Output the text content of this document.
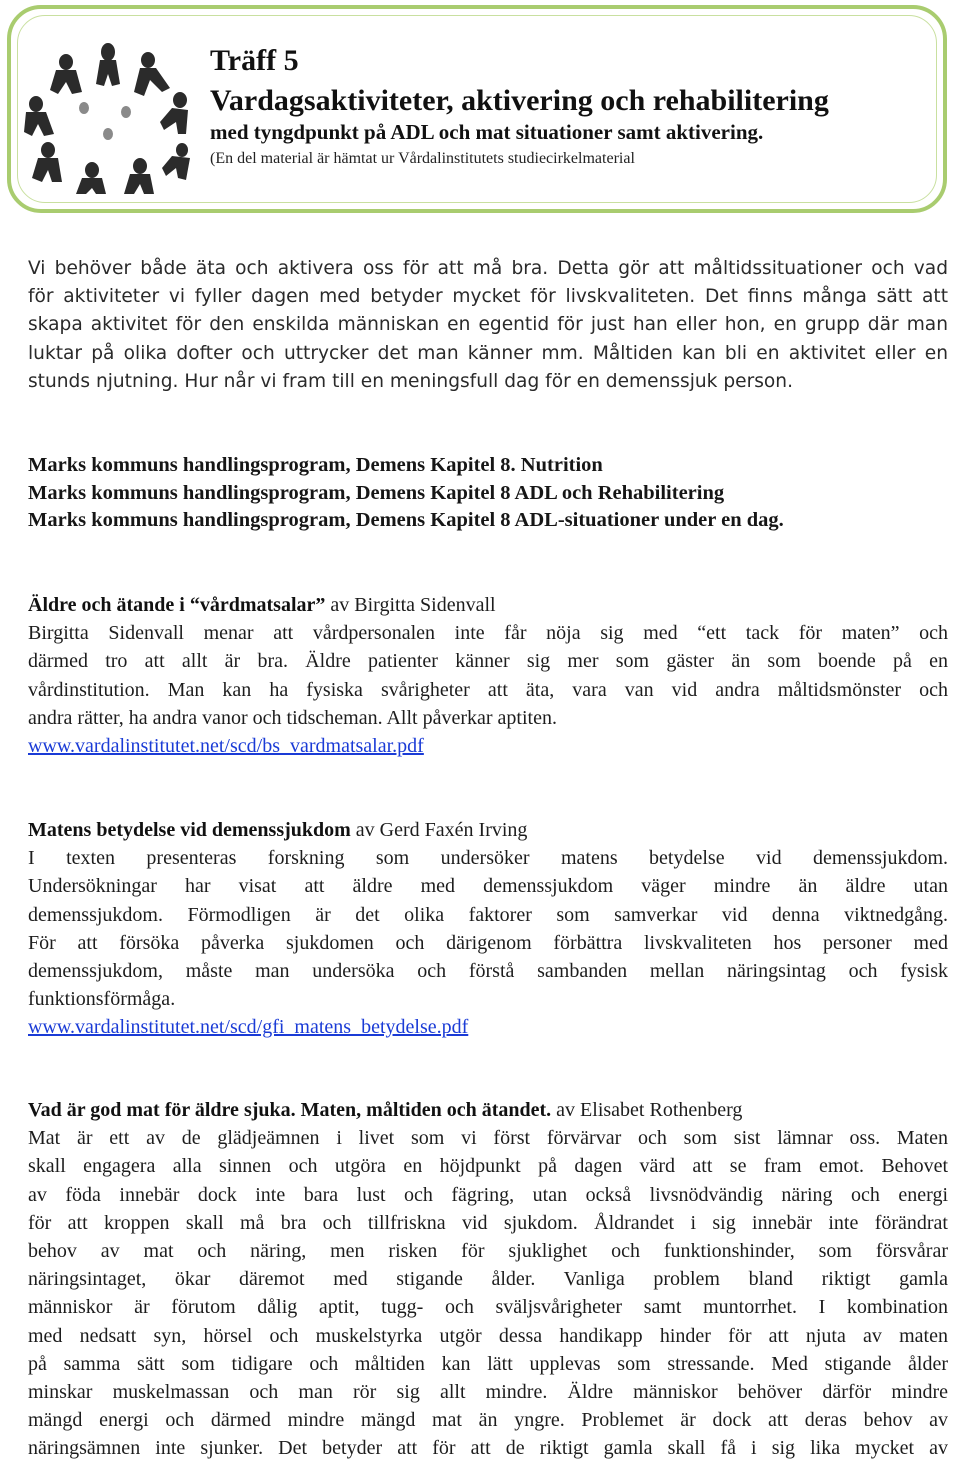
Träff 5
Vardagsaktiviteter, aktivering och rehabilitering
med tyngdpunkt på ADL och mat situationer samt aktivering.
(En del material är hämtat ur Vårdalinstitutets studiecirkelmaterial
Vi behöver både äta och aktivera oss för att må bra. Detta gör att måltidssituationer och vad
för aktiviteter vi fyller dagen med betyder mycket för livskvaliteten. Det finns många sätt att
skapa aktivitet för den enskilda människan en egentid för just han eller hon, en grupp där man
luktar på olika dofter och uttrycker det man känner mm. Måltiden kan bli en aktivitet eller en
stunds njutning. Hur når vi fram till en meningsfull dag för en demenssjuk person.
Marks kommuns handlingsprogram, Demens Kapitel 8. Nutrition
Marks kommuns handlingsprogram, Demens Kapitel 8 ADL och Rehabilitering
Marks kommuns handlingsprogram, Demens Kapitel 8 ADL-situationer under en dag.
Äldre och ätande i “vårdmatsalar” av Birgitta Sidenvall
Birgitta Sidenvall menar att vårdpersonalen inte får nöja sig med “ett tack för maten” och
därmed tro att allt är bra. Äldre patienter känner sig mer som gäster än som boende på en
vårdinstitution. Man kan ha fysiska svårigheter att äta, vara van vid andra måltidsmönster och
andra rätter, ha andra vanor och tidscheman. Allt påverkar aptiten.
www.vardalinstitutet.net/scd/bs_vardmatsalar.pdf
Matens betydelse vid demenssjukdom av Gerd Faxén Irving
I texten presenteras forskning som undersöker matens betydelse vid demenssjukdom.
Undersökningar har visat att äldre med demenssjukdom väger mindre än äldre utan
demenssjukdom. Förmodligen är det olika faktorer som samverkar vid denna viktnedgång.
För att försöka påverka sjukdomen och därigenom förbättra livskvaliteten hos personer med
demenssjukdom, måste man undersöka och förstå sambanden mellan näringsintag och fysisk
funktionsförmåga.
www.vardalinstitutet.net/scd/gfi_matens_betydelse.pdf
Vad är god mat för äldre sjuka. Maten, måltiden och ätandet. av Elisabet Rothenberg
Mat är ett av de glädjeämnen i livet som vi först förvärvar och som sist lämnar oss. Maten
skall engagera alla sinnen och utgöra en höjdpunkt på dagen värd att se fram emot. Behovet
av föda innebär dock inte bara lust och fägring, utan också livsnödvändig näring och energi
för att kroppen skall må bra och tillfriskna vid sjukdom. Åldrandet i sig innebär inte förändrat
behov av mat och näring, men risken för sjuklighet och funktionshinder, som försvårar
näringsintaget, ökar däremot med stigande ålder. Vanliga problem bland riktigt gamla
människor är förutom dålig aptit, tugg- och sväljsvårigheter samt muntorrhet. I kombination
med nedsatt syn, hörsel och muskelstyrka utgör dessa handikapp hinder för att njuta av maten
på samma sätt som tidigare och måltiden kan lätt upplevas som stressande. Med stigande ålder
minskar muskelmassan och man rör sig allt mindre. Äldre människor behöver därför mindre
mängd energi och därmed mindre mängd mat än yngre. Problemet är dock att deras behov av
näringsämnen inte sjunker. Det betyder att för att de riktigt gamla skall få i sig lika mycket av
